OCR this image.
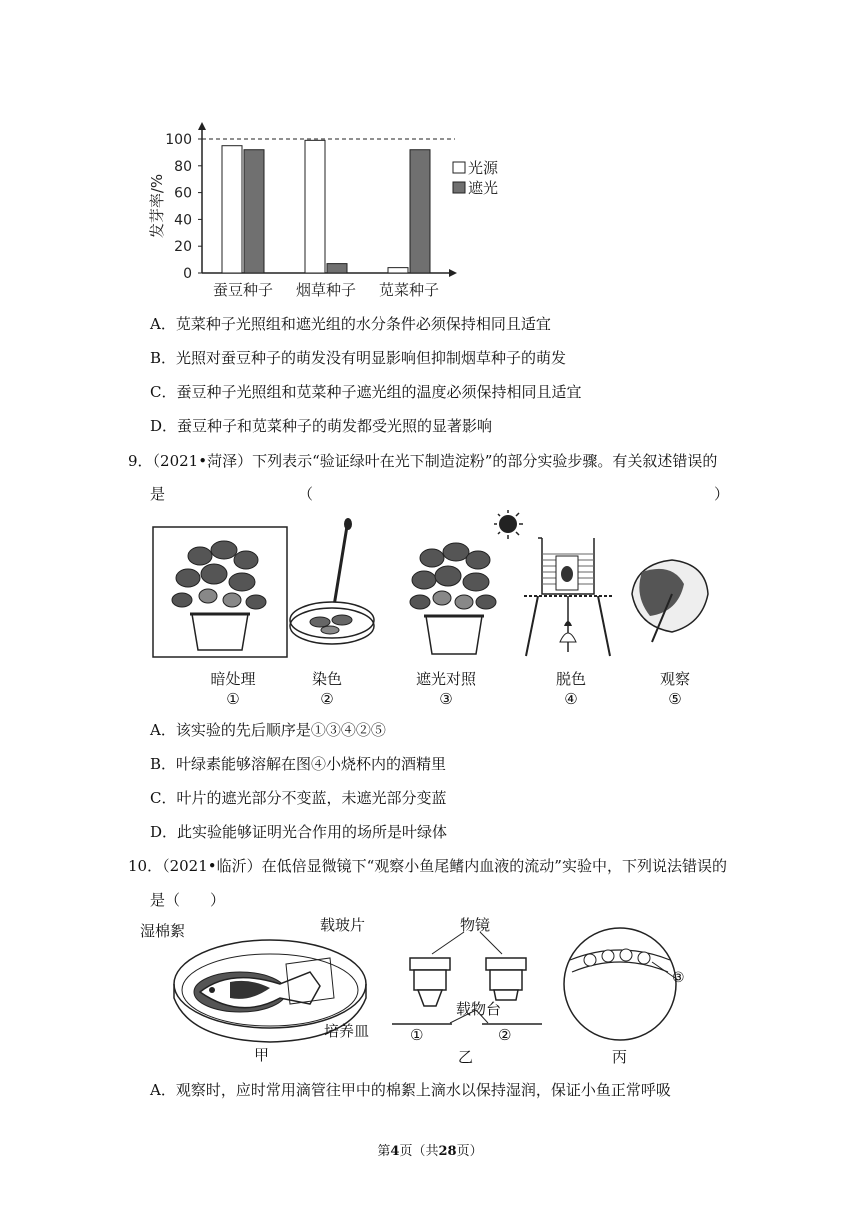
0
20
40
60
80
100
发芽率/%
蚕豆种子 烟草种子 苋菜种子
光源
遮光
A．苋菜种子光照组和遮光组的水分条件必须保持相同且适宜
B．光照对蚕豆种子的萌发没有明显影响但抑制烟草种子的萌发
C．蚕豆种子光照组和苋菜种子遮光组的温度必须保持相同且适宜
D．蚕豆种子和苋菜种子的萌发都受光照的显著影响
9．（2021•菏泽）下列表示“验证绿叶在光下制造淀粉”的部分实验步骤。有关叙述错误的
是	（	）
暗处理
①
染色
②
遮光对照
③
脱色
④
观察
⑤
A．该实验的先后顺序是①③④②⑤
B．叶绿素能够溶解在图④小烧杯内的酒精里
C．叶片的遮光部分不变蓝，未遮光部分变蓝
D．此实验能够证明光合作用的场所是叶绿体
10．（2021•临沂）在低倍显微镜下“观察小鱼尾鳍内血液的流动”实验中，下列说法错误的
是（　　）
湿棉絮	载玻片
培养皿
甲
物镜
载物台
①	②
乙
③
丙
A．观察时，应时常用滴管往甲中的棉絮上滴水以保持湿润，保证小鱼正常呼吸
第4页（共28页）
